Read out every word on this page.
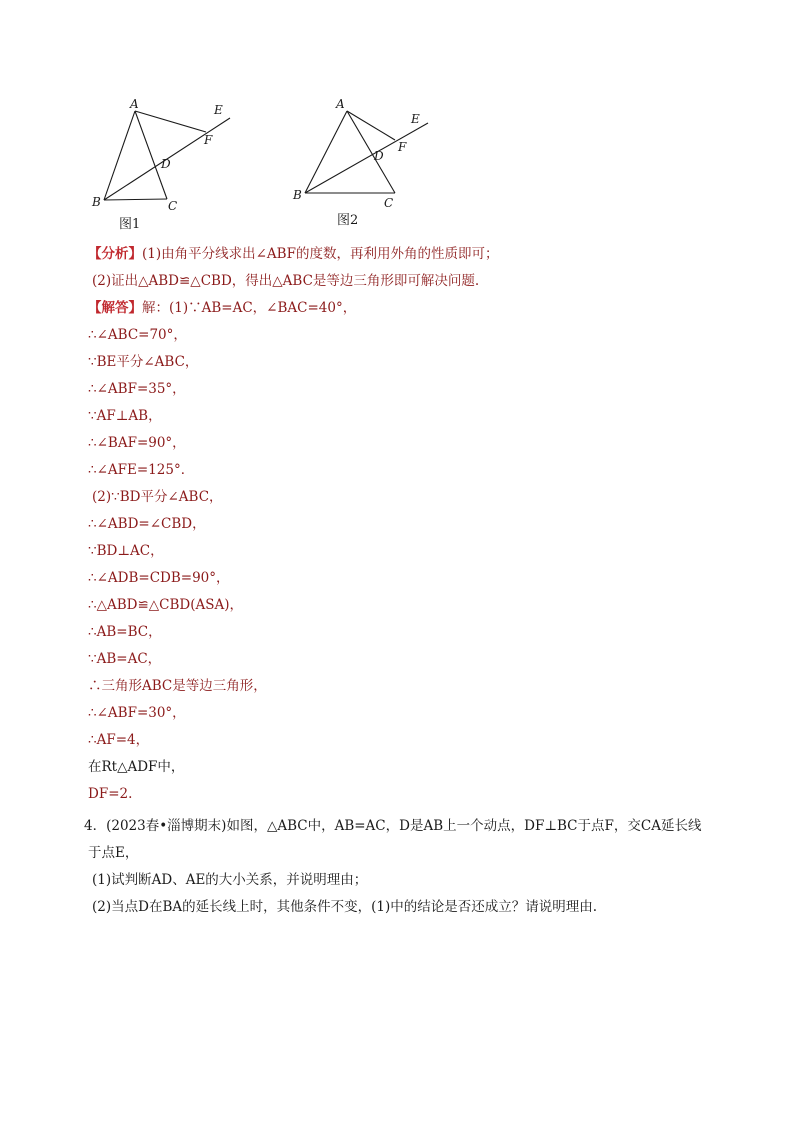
A
B	C
D
E
F
图1
A
B
C
D
E
F
图2
【分析】(1)由角平分线求出∠ABF的度数，再利用外角的性质即可；
(2)证出△ABD≌△CBD，得出△ABC是等边三角形即可解决问题.
【解答】解：(1)∵AB=AC，∠BAC=40°，
∴∠ABC=70°，
∵BE平分∠ABC，
∴∠ABF=35°，
∵AF⊥AB，
∴∠BAF=90°，
∴∠AFE=125°．
(2)∵BD平分∠ABC，
∴∠ABD=∠CBD，
∵BD⊥AC，
∴∠ADB=CDB=90°，
∴△ABD≌△CBD(ASA)，
∴AB=BC，
∵AB=AC，
∴三角形ABC是等边三角形，
∴∠ABF=30°，
∴AF=4，
在Rt△ADF中，
DF=2.
4．(2023春•淄博期末)如图，△ABC中，AB=AC，D是AB上一个动点，DF⊥BC于点F，交CA延长线
于点E，
(1)试判断AD、AE的大小关系，并说明理由；
(2)当点D在BA的延长线上时，其他条件不变，(1)中的结论是否还成立？请说明理由.
